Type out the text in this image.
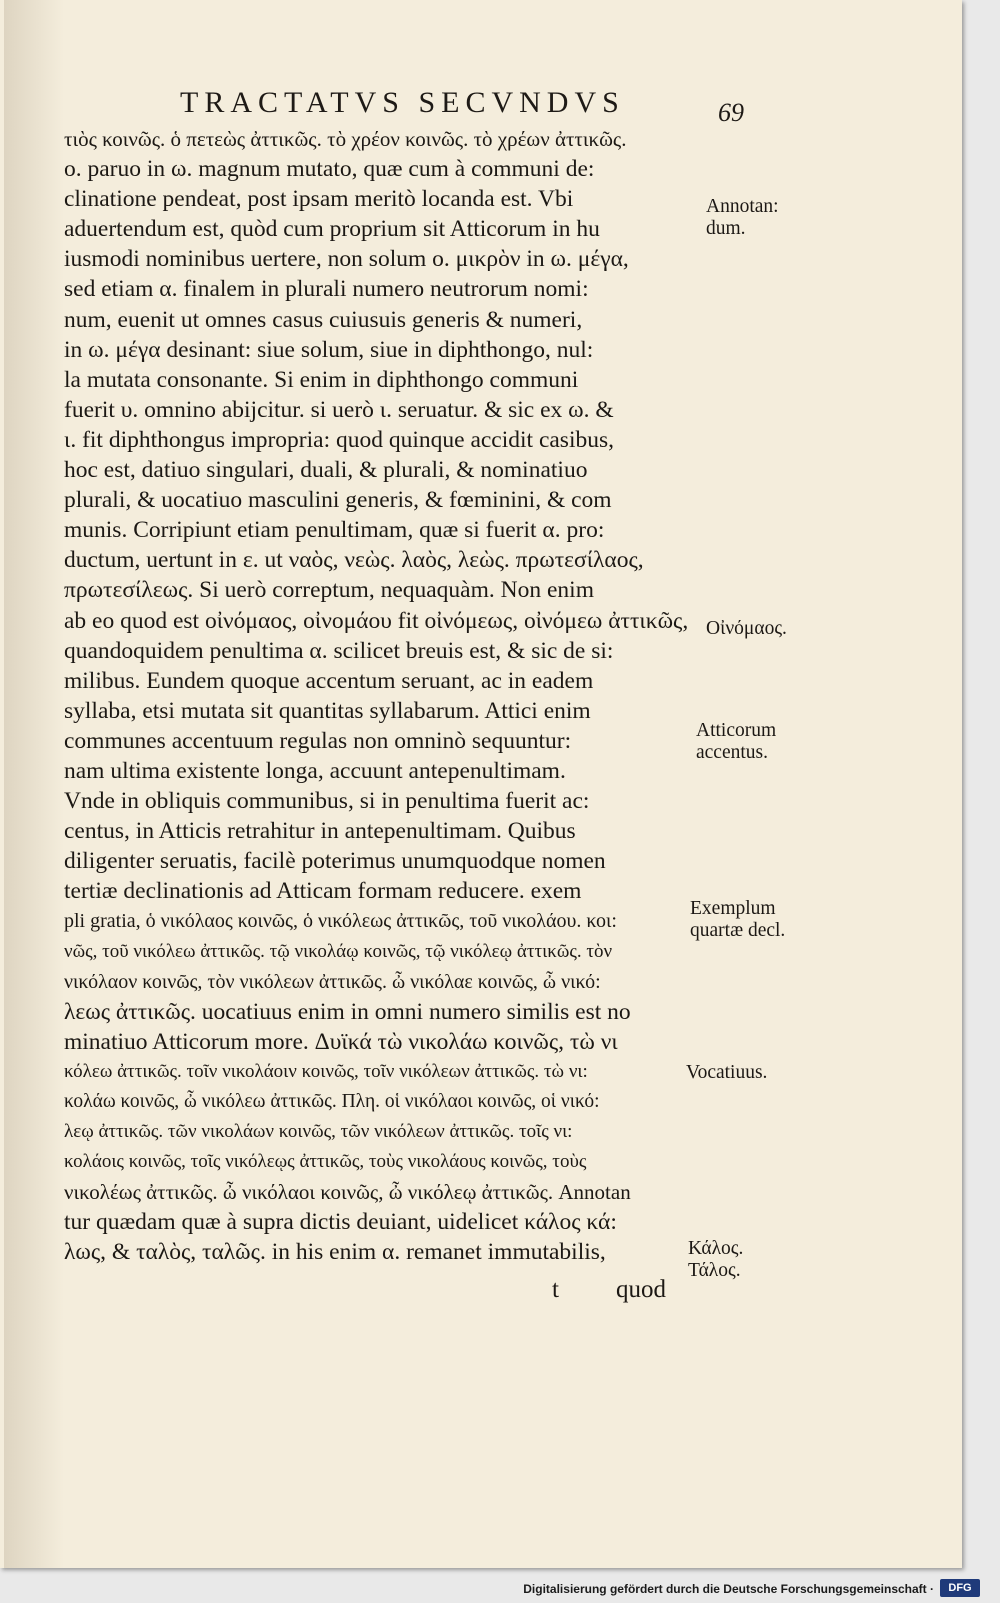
TRACTATVS SECVNDVS	69
τιὸς κοινῶς. ὁ πετεὼς ἀττικῶς. τὸ χρέον κοινῶς. τὸ χρέων ἀττικῶς.
o. paruo in ω. magnum mutato, quæ cum à communi de:
clinatione pendeat, post ipsam meritò locanda est. Vbi
aduertendum est, quòd cum proprium sit Atticorum in hu
iusmodi nominibus uertere, non solum o. μικρὸν in ω. μέγα,
sed etiam α. finalem in plurali numero neutrorum nomi:
num, euenit ut omnes casus cuiusuis generis & numeri,
in ω. μέγα desinant: siue solum, siue in diphthongo, nul:
la mutata consonante. Si enim in diphthongo communi
fuerit υ. omnino abijcitur. si uerò ι. seruatur. & sic ex ω. &
ι. fit diphthongus impropria: quod quinque accidit casibus,
hoc est, datiuo singulari, duali, & plurali, & nominatiuo
plurali, & uocatiuo masculini generis, & fœminini, & com
munis. Corripiunt etiam penultimam, quæ si fuerit α. pro:
ductum, uertunt in ε. ut ναὸς, νεὼς. λαὸς, λεὼς. πρωτεσίλαος,
πρωτεσίλεως. Si uerò correptum, nequaquàm. Non enim
ab eo quod est οἰνόμαος, οἰνομάου fit οἰνόμεως, οἰνόμεω ἀττικῶς,
quandoquidem penultima α. scilicet breuis est, & sic de si:
milibus. Eundem quoque accentum seruant, ac in eadem
syllaba, etsi mutata sit quantitas syllabarum. Attici enim
communes accentuum regulas non omninò sequuntur:
nam ultima existente longa, accuunt antepenultimam.
Vnde in obliquis communibus, si in penultima fuerit ac:
centus, in Atticis retrahitur in antepenultimam. Quibus
diligenter seruatis, facilè poterimus unumquodque nomen
tertiæ declinationis ad Atticam formam reducere. exem
pli gratia, ὁ νικόλαος κοινῶς, ὁ νικόλεως ἀττικῶς, τοῦ νικολάου. κοι:
νῶς, τοῦ νικόλεω ἀττικῶς. τῷ νικολάῳ κοινῶς, τῷ νικόλεῳ ἀττικῶς. τὸν
νικόλαον κοινῶς, τὸν νικόλεων ἀττικῶς. ὦ νικόλαε κοινῶς, ὦ νικό:
λεως ἀττικῶς. uocatiuus enim in omni numero similis est no
minatiuo Atticorum more. Δυϊκά τὼ νικολάω κοινῶς, τὼ νι
κόλεω ἀττικῶς. τοῖν νικολάοιν κοινῶς, τοῖν νικόλεων ἀττικῶς. τὼ νι:
κολάω κοινῶς, ὦ νικόλεω ἀττικῶς. Πλη. οἱ νικόλαοι κοινῶς, οἱ νικό:
λεῳ ἀττικῶς. τῶν νικολάων κοινῶς, τῶν νικόλεων ἀττικῶς. τοῖς νι:
κολάοις κοινῶς, τοῖς νικόλεῳς ἀττικῶς, τοὺς νικολάους κοινῶς, τοὺς
νικολέως ἀττικῶς. ὦ νικόλαοι κοινῶς, ὦ νικόλεῳ ἀττικῶς. Annotan
tur quædam quæ à supra dictis deuiant, uidelicet κάλος κά:
λως, & ταλὸς, ταλῶς. in his enim α. remanet immutabilis,
Annotan:
dum.
Οἰνόμαος.
Atticorum
accentus.
Exemplum
quartæ decl.
Vocatiuus.
Κάλος.
Τάλος.
t quod
Digitalisierung gefördert durch die Deutsche Forschungsgemeinschaft ·	DFG
